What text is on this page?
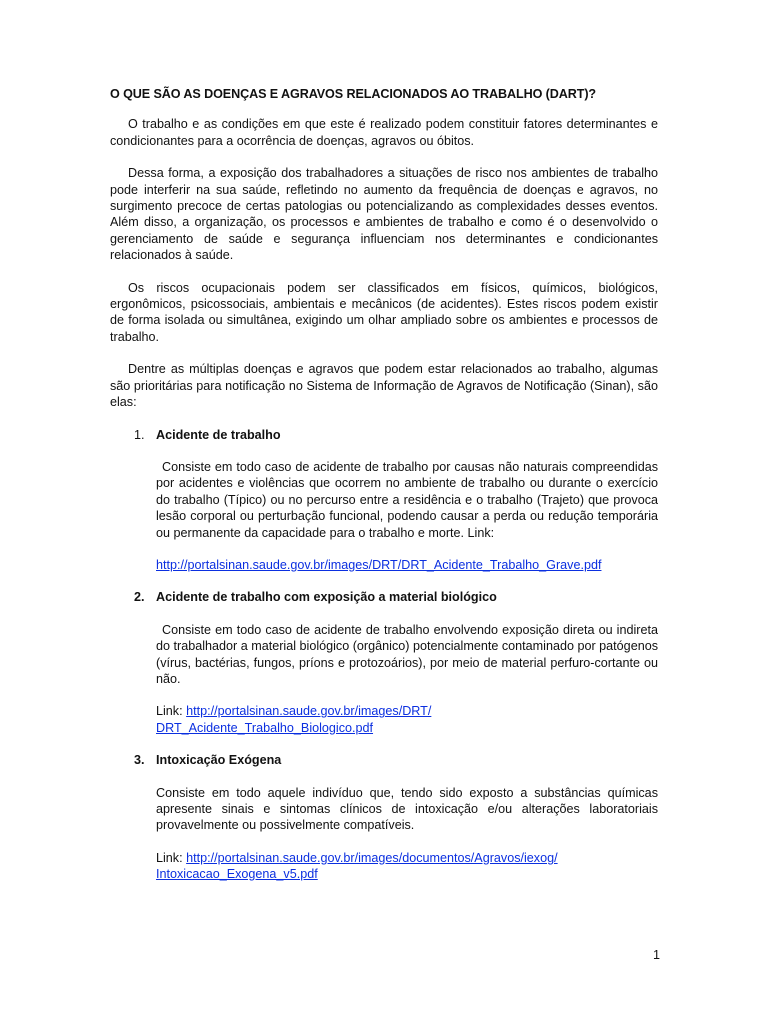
O QUE SÃO AS DOENÇAS E AGRAVOS RELACIONADOS AO TRABALHO (DART)?
O trabalho e as condições em que este é realizado podem constituir fatores determinantes e condicionantes para a ocorrência de doenças, agravos ou óbitos.
Dessa forma, a exposição dos trabalhadores a situações de risco nos ambientes de trabalho pode interferir na sua saúde, refletindo no aumento da frequência de doenças e agravos, no surgimento precoce de certas patologias ou potencializando as complexidades desses eventos. Além disso, a organização, os processos e ambientes de trabalho e como é o desenvolvido o gerenciamento de saúde e segurança influenciam nos determinantes e condicionantes relacionados à saúde.
Os riscos ocupacionais podem ser classificados em físicos, químicos, biológicos, ergonômicos, psicossociais, ambientais e mecânicos (de acidentes). Estes riscos podem existir de forma isolada ou simultânea, exigindo um olhar ampliado sobre os ambientes e processos de trabalho.
Dentre as múltiplas doenças e agravos que podem estar relacionados ao trabalho, algumas são prioritárias para notificação no Sistema de Informação de Agravos de Notificação (Sinan), são elas:
1. Acidente de trabalho
Consiste em todo caso de acidente de trabalho por causas não naturais compreendidas por acidentes e violências que ocorrem no ambiente de trabalho ou durante o exercício do trabalho (Típico) ou no percurso entre a residência e o trabalho (Trajeto) que provoca lesão corporal ou perturbação funcional, podendo causar a perda ou redução temporária ou permanente da capacidade para o trabalho e morte. Link:
http://portalsinan.saude.gov.br/images/DRT/DRT_Acidente_Trabalho_Grave.pdf
2. Acidente de trabalho com exposição a material biológico
Consiste em todo caso de acidente de trabalho envolvendo exposição direta ou indireta do trabalhador a material biológico (orgânico) potencialmente contaminado por patógenos (vírus, bactérias, fungos, príons e protozoários), por meio de material perfuro-cortante ou não.
Link: http://portalsinan.saude.gov.br/images/DRT/
DRT_Acidente_Trabalho_Biologico.pdf
3. Intoxicação Exógena
Consiste em todo aquele indivíduo que, tendo sido exposto a substâncias químicas apresente sinais e sintomas clínicos de intoxicação e/ou alterações laboratoriais provavelmente ou possivelmente compatíveis.
Link: http://portalsinan.saude.gov.br/images/documentos/Agravos/iexog/
Intoxicacao_Exogena_v5.pdf
1
